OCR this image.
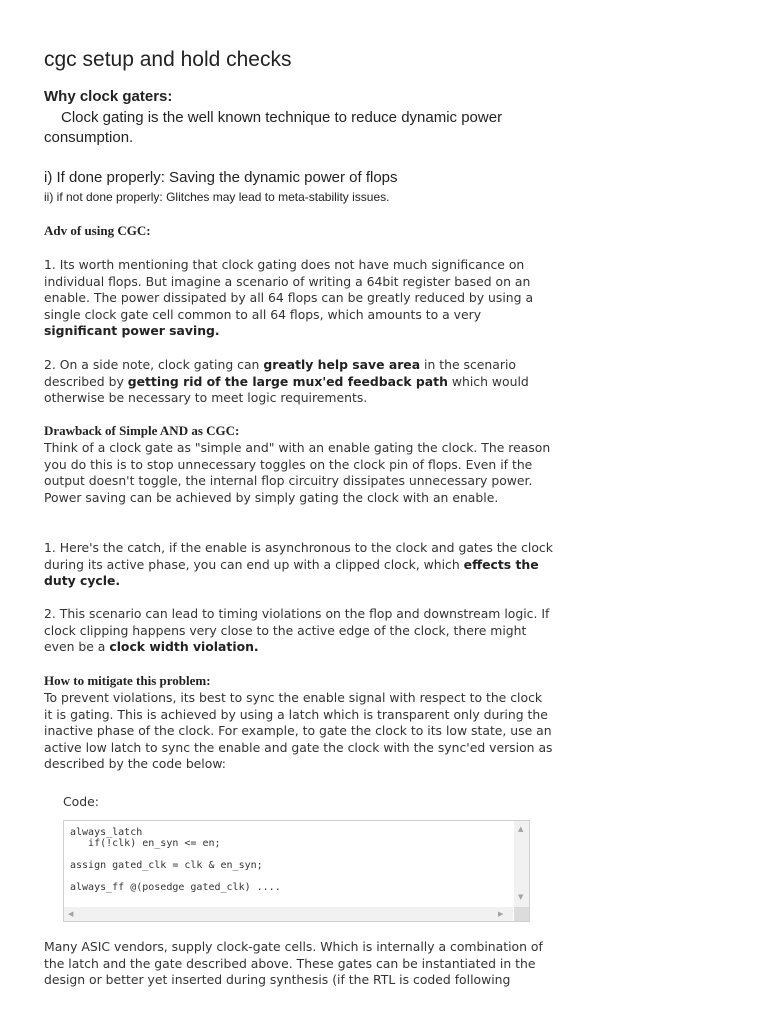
cgc setup and hold checks
Why clock gaters:
Clock gating is the well known technique to reduce dynamic power consumption.
i) If done properly: Saving the dynamic power of flops
ii) if not done properly: Glitches may lead to meta-stability issues.
Adv of using CGC:
1. Its worth mentioning that clock gating does not have much significance on individual flops. But imagine a scenario of writing a 64bit register based on an enable. The power dissipated by all 64 flops can be greatly reduced by using a single clock gate cell common to all 64 flops, which amounts to a very significant power saving.
2. On a side note, clock gating can greatly help save area in the scenario described by getting rid of the large mux'ed feedback path which would otherwise be necessary to meet logic requirements.
Drawback of Simple AND as CGC:
Think of a clock gate as "simple and" with an enable gating the clock. The reason you do this is to stop unnecessary toggles on the clock pin of flops. Even if the output doesn't toggle, the internal flop circuitry dissipates unnecessary power. Power saving can be achieved by simply gating the clock with an enable.
1. Here's the catch, if the enable is asynchronous to the clock and gates the clock during its active phase, you can end up with a clipped clock, which effects the duty cycle.
2. This scenario can lead to timing violations on the flop and downstream logic. If clock clipping happens very close to the active edge of the clock, there might even be a clock width violation.
How to mitigate this problem:
To prevent violations, its best to sync the enable signal with respect to the clock it is gating. This is achieved by using a latch which is transparent only during the inactive phase of the clock. For example, to gate the clock to its low state, use an active low latch to sync the enable and gate the clock with the sync'ed version as described by the code below:
Code:
always_latch
if(!clk) en_syn <= en;

assign gated_clk = clk & en_syn;

always_ff @(posedge gated_clk) ....
▲
▼
◀	▶
Many ASIC vendors, supply clock-gate cells. Which is internally a combination of the latch and the gate described above. These gates can be instantiated in the design or better yet inserted during synthesis (if the RTL is coded following
